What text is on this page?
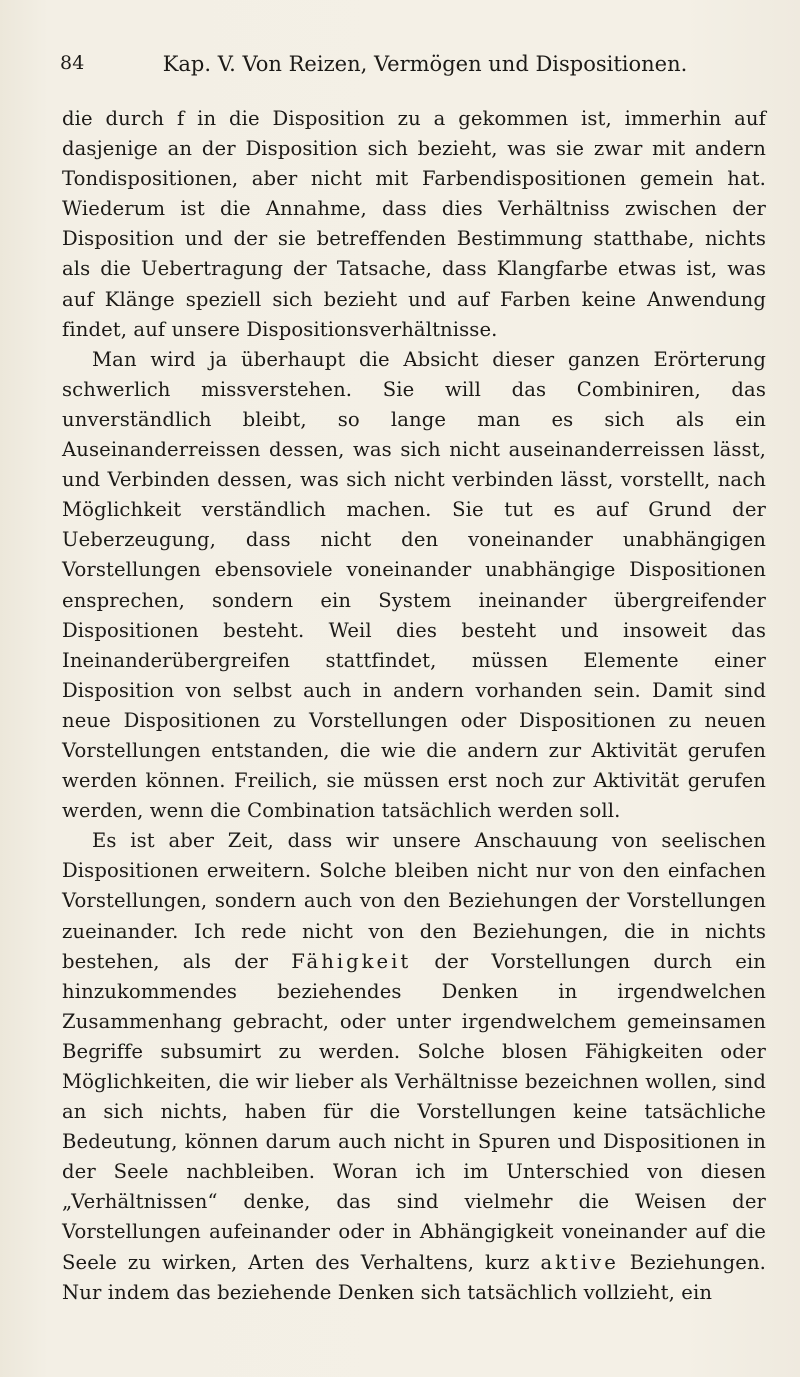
84	Kap. V. Von Reizen, Vermögen und Dispositionen.

die durch f in die Disposition zu a gekommen ist, immerhin auf dasjenige an der Disposition sich bezieht, was sie zwar mit andern Tondispositionen, aber nicht mit Farbendispositionen gemein hat. Wiederum ist die Annahme, dass dies Verhältniss zwischen der Disposition und der sie betreffenden Bestimmung statthabe, nichts als die Uebertragung der Tatsache, dass Klangfarbe etwas ist, was auf Klänge speziell sich bezieht und auf Farben keine Anwendung findet, auf unsere Dispositionsverhältnisse.

Man wird ja überhaupt die Absicht dieser ganzen Erörterung schwerlich missverstehen. Sie will das Combiniren, das unverständlich bleibt, so lange man es sich als ein Auseinanderreissen dessen, was sich nicht auseinanderreissen lässt, und Verbinden dessen, was sich nicht verbinden lässt, vorstellt, nach Möglichkeit verständlich machen. Sie tut es auf Grund der Ueberzeugung, dass nicht den voneinander unabhängigen Vorstellungen ebensoviele voneinander unabhängige Dispositionen ensprechen, sondern ein System ineinander übergreifender Dispositionen besteht. Weil dies besteht und insoweit das Ineinanderübergreifen stattfindet, müssen Elemente einer Disposition von selbst auch in andern vorhanden sein. Damit sind neue Dispositionen zu Vorstellungen oder Dispositionen zu neuen Vorstellungen entstanden, die wie die andern zur Aktivität gerufen werden können. Freilich, sie müssen erst noch zur Aktivität gerufen werden, wenn die Combination tatsächlich werden soll.

Es ist aber Zeit, dass wir unsere Anschauung von seelischen Dispositionen erweitern. Solche bleiben nicht nur von den einfachen Vorstellungen, sondern auch von den Beziehungen der Vorstellungen zueinander. Ich rede nicht von den Beziehungen, die in nichts bestehen, als der Fähigkeit der Vorstellungen durch ein hinzukommendes beziehendes Denken in irgendwelchen Zusammenhang gebracht, oder unter irgendwelchem gemeinsamen Begriffe subsumirt zu werden. Solche blosen Fähigkeiten oder Möglichkeiten, die wir lieber als Verhältnisse bezeichnen wollen, sind an sich nichts, haben für die Vorstellungen keine tatsächliche Bedeutung, können darum auch nicht in Spuren und Dispositionen in der Seele nachbleiben. Woran ich im Unterschied von diesen „Verhältnissen“ denke, das sind vielmehr die Weisen der Vorstellungen aufeinander oder in Abhängigkeit voneinander auf die Seele zu wirken, Arten des Verhaltens, kurz aktive Beziehungen. Nur indem das beziehende Denken sich tatsächlich vollzieht, ein
